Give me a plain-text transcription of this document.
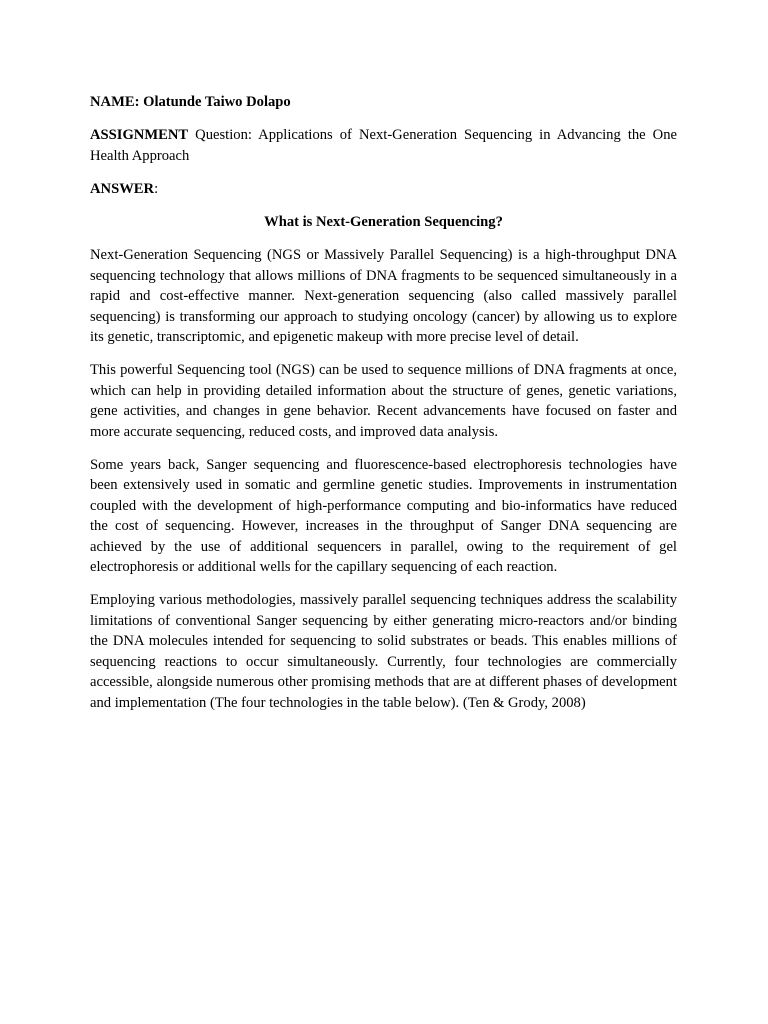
NAME: Olatunde Taiwo Dolapo

ASSIGNMENT Question: Applications of Next-Generation Sequencing in Advancing the One Health Approach

ANSWER:

What is Next-Generation Sequencing?

Next-Generation Sequencing (NGS or Massively Parallel Sequencing) is a high-throughput DNA sequencing technology that allows millions of DNA fragments to be sequenced simultaneously in a rapid and cost-effective manner. Next-generation sequencing (also called massively parallel sequencing) is transforming our approach to studying oncology (cancer) by allowing us to explore its genetic, transcriptomic, and epigenetic makeup with more precise level of detail.

This powerful Sequencing tool (NGS) can be used to sequence millions of DNA fragments at once, which can help in providing detailed information about the structure of genes, genetic variations, gene activities, and changes in gene behavior. Recent advancements have focused on faster and more accurate sequencing, reduced costs, and improved data analysis.

Some years back, Sanger sequencing and fluorescence-based electrophoresis technologies have been extensively used in somatic and germline genetic studies. Improvements in instrumentation coupled with the development of high-performance computing and bio-informatics have reduced the cost of sequencing. However, increases in the throughput of Sanger DNA sequencing are achieved by the use of additional sequencers in parallel, owing to the requirement of gel electrophoresis or additional wells for the capillary sequencing of each reaction.

Employing various methodologies, massively parallel sequencing techniques address the scalability limitations of conventional Sanger sequencing by either generating micro-reactors and/or binding the DNA molecules intended for sequencing to solid substrates or beads. This enables millions of sequencing reactions to occur simultaneously. Currently, four technologies are commercially accessible, alongside numerous other promising methods that are at different phases of development and implementation (The four technologies in the table below). (Ten & Grody, 2008)
